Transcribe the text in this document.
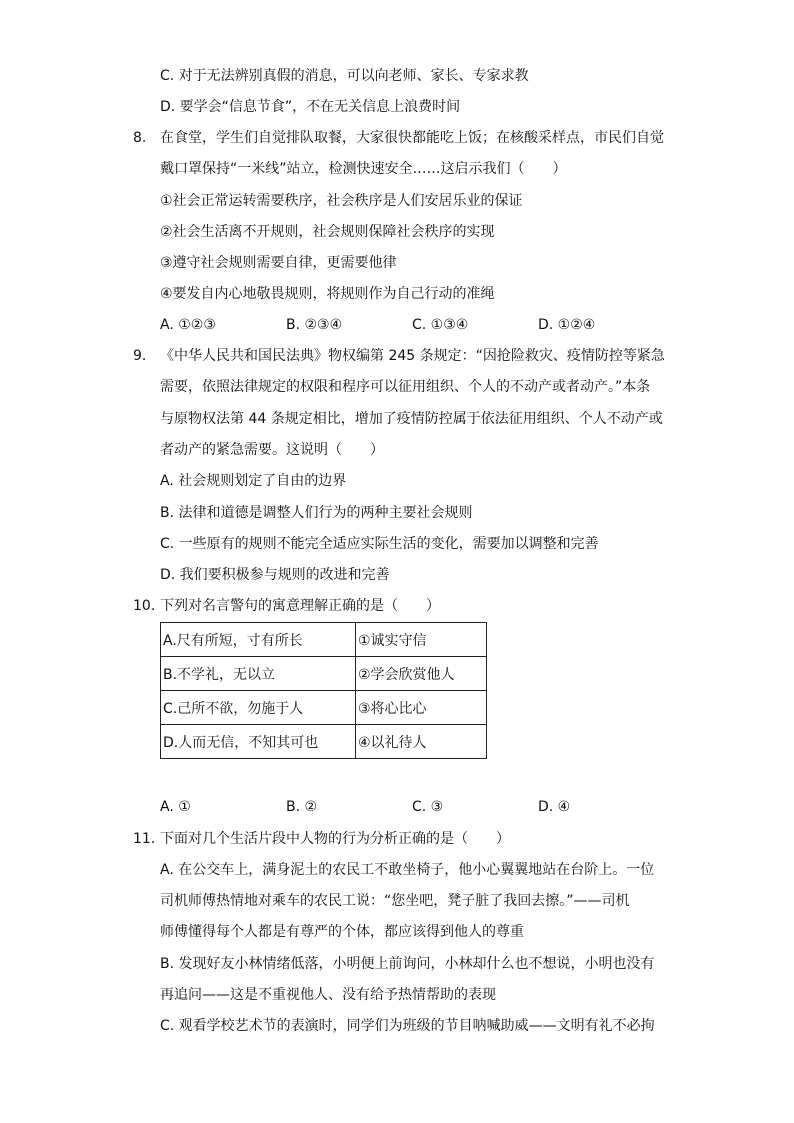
C. 对于无法辨别真假的消息，可以向老师、家长、专家求教
D. 要学会“信息节食”，不在无关信息上浪费时间
8. 在食堂，学生们自觉排队取餐，大家很快都能吃上饭；在核酸采样点，市民们自觉
戴口罩保持“一米线”站立，检测快速安全……这启示我们（　　）
①社会正常运转需要秩序，社会秩序是人们安居乐业的保证
②社会生活离不开规则，社会规则保障社会秩序的实现
③遵守社会规则需要自律，更需要他律
④要发自内心地敬畏规则，将规则作为自己行动的准绳
A. ①②③	B. ②③④	C. ①③④	D. ①②④
9. 《中华人民共和国民法典》物权编第 245 条规定：“因抢险救灾、疫情防控等紧急
需要，依照法律规定的权限和程序可以征用组织、个人的不动产或者动产。”本条
与原物权法第 44 条规定相比，增加了疫情防控属于依法征用组织、个人不动产或
者动产的紧急需要。这说明（　　）
A. 社会规则划定了自由的边界
B. 法律和道德是调整人们行为的两种主要社会规则
C. 一些原有的规则不能完全适应实际生活的变化，需要加以调整和完善
D. 我们要积极参与规则的改进和完善
10. 下列对名言警句的寓意理解正确的是（　　）
A.尺有所短，寸有所长	①诚实守信
B.不学礼，无以立	②学会欣赏他人
C.己所不欲，勿施于人	③将心比心
D.人而无信，不知其可也	④以礼待人
A. ①	B. ②	C. ③	D. ④
11. 下面对几个生活片段中人物的行为分析正确的是（　　）
A. 在公交车上，满身泥土的农民工不敢坐椅子，他小心翼翼地站在台阶上。一位
司机师傅热情地对乘车的农民工说：“您坐吧，凳子脏了我回去擦。”——司机
师傅懂得每个人都是有尊严的个体，都应该得到他人的尊重
B. 发现好友小林情绪低落，小明便上前询问，小林却什么也不想说，小明也没有
再追问——这是不重视他人、没有给予热情帮助的表现
C. 观看学校艺术节的表演时，同学们为班级的节目呐喊助威——文明有礼不必拘
